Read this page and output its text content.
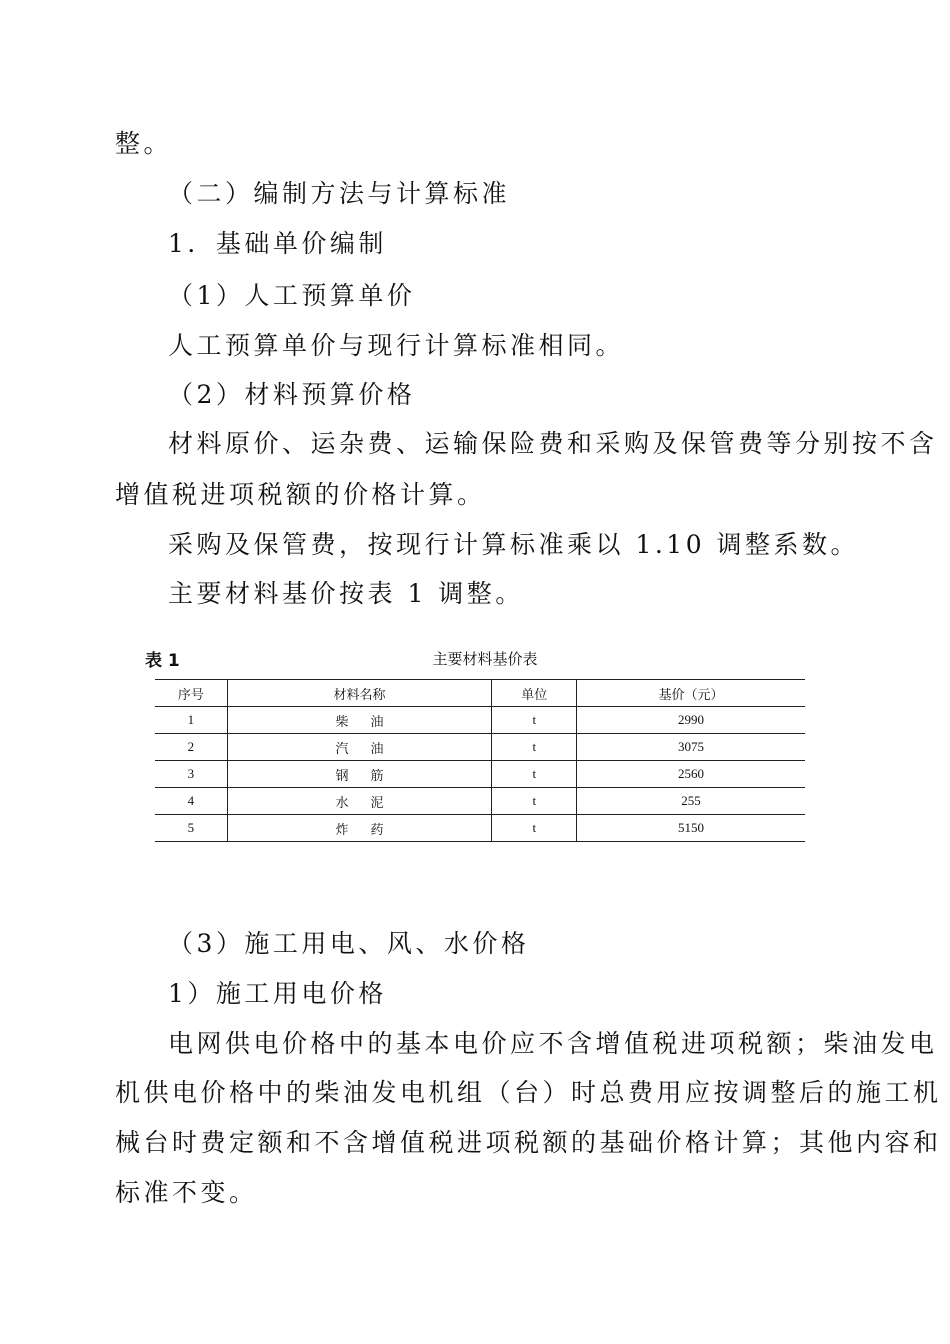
整。
（二）编制方法与计算标准
1．基础单价编制
（1）人工预算单价
人工预算单价与现行计算标准相同。
（2）材料预算价格
材料原价、运杂费、运输保险费和采购及保管费等分别按不含
增值税进项税额的价格计算。
采购及保管费，按现行计算标准乘以 1.10 调整系数。
主要材料基价按表 1 调整。
表 1	主要材料基价表
序号	材料名称	单位	基价（元）
1	柴油	t	2990
2	汽油	t	3075
3	钢筋	t	2560
4	水泥	t	255
5	炸药	t	5150
（3）施工用电、风、水价格
1）施工用电价格
电网供电价格中的基本电价应不含增值税进项税额；柴油发电
机供电价格中的柴油发电机组（台）时总费用应按调整后的施工机
械台时费定额和不含增值税进项税额的基础价格计算；其他内容和
标准不变。
